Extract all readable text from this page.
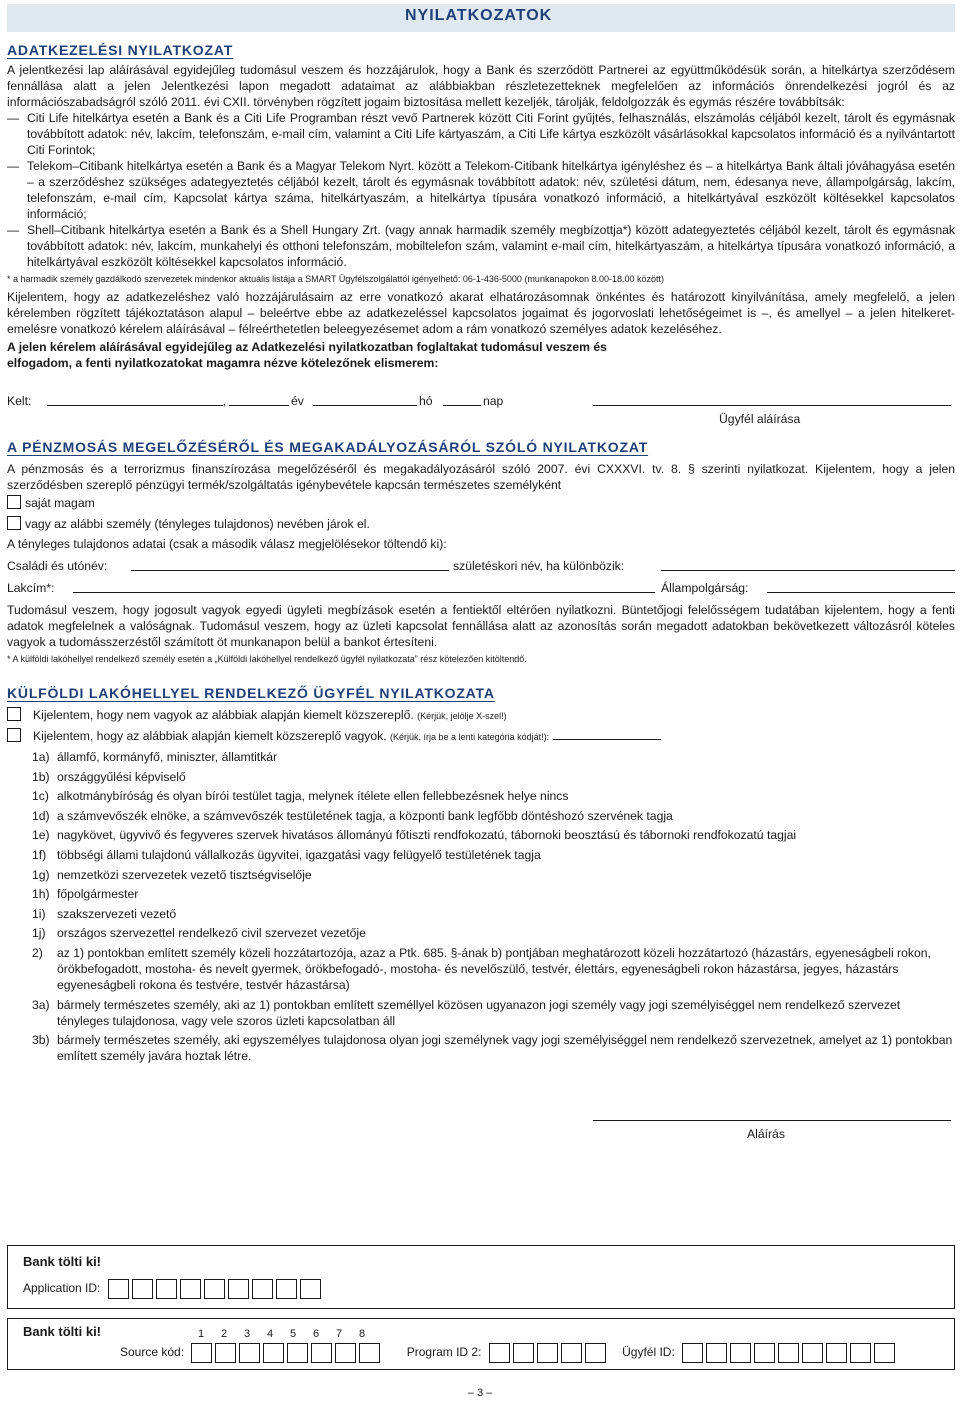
NYILATKOZATOK
ADATKEZELÉSI NYILATKOZAT

A jelentkezési lap aláírásával egyidejűleg tudomásul veszem és hozzájárulok, hogy a Bank és szerződött Partnerei az együttműködésük során, a hitelkártya szerződésem fennállása alatt a jelen Jelentkezési lapon megadott adataimat az alábbiakban részletezetteknek megfelelően az információs önrendelkezési jogról és az információszabadságról szóló 2011. évi CXII. törvényben rögzített jogaim biztosítása mellett kezeljék, tárolják, feldolgozzák és egymás részére továbbítsák:

— Citi Life hitelkártya esetén a Bank és a Citi Life Programban részt vevő Partnerek között Citi Forint gyűjtés, felhasználás, elszámolás céljából kezelt, tárolt és egymásnak továbbított adatok: név, lakcím, telefonszám, e-mail cím, valamint a Citi Life kártyaszám, a Citi Life kártya eszközölt vásárlásokkal kapcsolatos információ és a nyilvántartott Citi Forintok;
— Telekom–Citibank hitelkártya esetén a Bank és a Magyar Telekom Nyrt. között a Telekom-Citibank hitelkártya igényléshez és – a hitelkártya Bank általi jóváhagyása esetén – a szerződéshez szükséges adategyeztetés céljából kezelt, tárolt és egymásnak továbbított adatok: név, születési dátum, nem, édesanya neve, állampolgárság, lakcím, telefonszám, e-mail cím, Kapcsolat kártya száma, hitelkártyaszám, a hitelkártya típusára vonatkozó információ, a hitelkártyával eszközölt költésekkel kapcsolatos információ;
— Shell–Citibank hitelkártya esetén a Bank és a Shell Hungary Zrt. (vagy annak harmadik személy megbízottja*) között adategyeztetés céljából kezelt, tárolt és egymásnak továbbított adatok: név, lakcím, munkahelyi és otthoni telefonszám, mobiltelefon szám, valamint e-mail cím, hitelkártyaszám, a hitelkártya típusára vonatkozó információ, a hitelkártyával eszközölt költésekkel kapcsolatos információ.
* a harmadik személy gazdálkodó szervezetek mindenkor aktuális listája a SMART Ügyfélszolgálattól igényelhető: 06-1-436-5000 (munkanapokon 8.00-18.00 között)

Kijelentem, hogy az adatkezeléshez való hozzájárulásaim az erre vonatkozó akarat elhatározásomnak önkéntes és határozott kinyilvánítása, amely megfelelő, a jelen kérelemben rögzített tájékoztatáson alapul – beleértve ebbe az adatkezeléssel kapcsolatos jogaimat és jogorvoslati lehetőségeimet is –, és amellyel – a jelen hitelkeret-emelésre vonatkozó kérelem aláírásával – félreérthetetlen beleegyezésemet adom a rám vonatkozó személyes adatok kezeléséhez.

A jelen kérelem aláírásával egyidejűleg az Adatkezelési nyilatkozatban foglaltakat tudomásul veszem és elfogadom, a fenti nyilatkozatokat magamra nézve kötelezőnek elismerem:

Kelt:	,	év	hó	nap
Ügyfél aláírása
A PÉNZMOSÁS MEGELŐZÉSÉRŐL ÉS MEGAKADÁLYOZÁSÁRÓL SZÓLÓ NYILATKOZAT

A pénzmosás és a terrorizmus finanszírozása megelőzéséről és megakadályozásáról szóló 2007. évi CXXXVI. tv. 8. § szerinti nyilatkozat. Kijelentem, hogy a jelen szerződésben szereplő pénzügyi termék/szolgáltatás igénybevétele kapcsán természetes személyként

saját magam
vagy az alábbi személy (tényleges tulajdonos) nevében járok el.
A tényleges tulajdonos adatai (csak a második válasz megjelölésekor töltendő ki):
Családi és utónév:	születéskori név, ha különbözik:
Lakcím*:	Állampolgárság:

Tudomásul veszem, hogy jogosult vagyok egyedi ügyleti megbízások esetén a fentiektől eltérően nyilatkozni. Büntetőjogi felelősségem tudatában kijelentem, hogy a fenti adatok megfelelnek a valóságnak. Tudomásul veszem, hogy az üzleti kapcsolat fennállása alatt az azonosítás során megadott adatokban bekövetkezett változásról köteles vagyok a tudomásszerzéstől számított öt munkanapon belül a bankot értesíteni.

* A külföldi lakóhellyel rendelkező személy esetén a „Külföldi lakóhellyel rendelkező ügyfél nyilatkozata” rész kötelezően kitöltendő.
KÜLFÖLDI LAKÓHELLYEL RENDELKEZŐ ÜGYFÉL NYILATKOZATA
Kijelentem, hogy nem vagyok az alábbiak alapján kiemelt közszereplő. (Kérjük, jelölje X-szel!)
Kijelentem, hogy az alábbiak alapján kiemelt közszereplő vagyok. (Kérjük, írja be a lenti kategória kódját!):
1a) államfő, kormányfő, miniszter, államtitkár
1b) országgyűlési képviselő
1c) alkotmánybíróság és olyan bírói testület tagja, melynek ítélete ellen fellebbezésnek helye nincs
1d) a számvevőszék elnöke, a számvevőszék testületének tagja, a központi bank legfőbb döntéshozó szervének tagja
1e) nagykövet, ügyvivő és fegyveres szervek hivatásos állományú főtiszti rendfokozatú, tábornoki beosztású és tábornoki rendfokozatú tagjai
1f) többségi állami tulajdonú vállalkozás ügyvitei, igazgatási vagy felügyelő testületének tagja
1g) nemzetközi szervezetek vezető tisztségviselője
1h) főpolgármester
1i) szakszervezeti vezető
1j) országos szervezettel rendelkező civil szervezet vezetője
2) az 1) pontokban említett személy közeli hozzátartozója, azaz a Ptk. 685. §-ának b) pontjában meghatározott közeli hozzátartozó (házastárs, egyeneságbeli rokon, örökbefogadott, mostoha- és nevelt gyermek, örökbefogadó-, mostoha- és nevelőszülő, testvér, élettárs, egyeneságbeli rokon házastársa, jegyes, házastárs egyeneságbeli rokona és testvére, testvér házastársa)
3a) bármely természetes személy, aki az 1) pontokban említett személlyel közösen ugyanazon jogi személy vagy jogi személyiséggel nem rendelkező szervezet tényleges tulajdonosa, vagy vele szoros üzleti kapcsolatban áll
3b) bármely természetes személy, aki egyszemélyes tulajdonosa olyan jogi személynek vagy jogi személyiséggel nem rendelkező szervezetnek, amelyet az 1) pontokban említett személy javára hoztak létre.
Aláírás
Bank tölti ki!
Application ID:
Bank tölti ki!	1 2 3 4 5 6 7 8
Source kód:	Program ID 2:	Ügyfél ID:
– 3 –
